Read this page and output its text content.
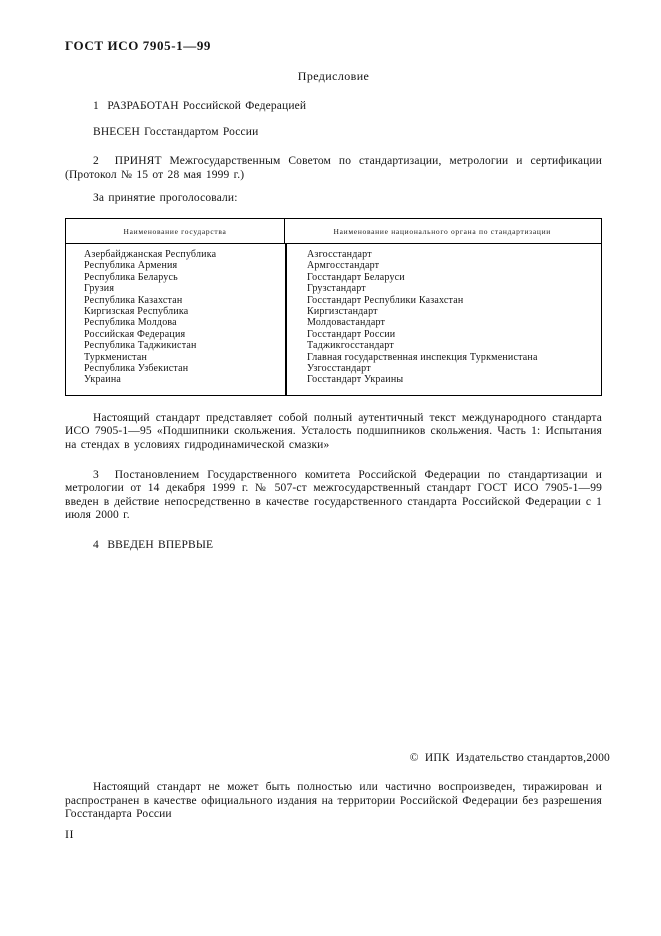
ГОСТ ИСО 7905-1—99
Предисловие
1  РАЗРАБОТАН Российской Федерацией
ВНЕСЕН Госстандартом России
2  ПРИНЯТ Межгосударственным Советом по стандартизации, метрологии и сертификации (Протокол № 15 от 28 мая 1999 г.)
За принятие проголосовали:
Наименование государства	Наименование национального органа по стандартизации
Азербайджанская Республика	Азгосстандарт
Республика Армения	Армгосстандарт
Республика Беларусь	Госстандарт Беларуси
Грузия	Грузстандарт
Республика Казахстан	Госстандарт Республики Казахстан
Киргизская Республика	Киргизстандарт
Республика Молдова	Молдовастандарт
Российская Федерация	Госстандарт России
Республика Таджикистан	Таджикгосстандарт
Туркменистан	Главная государственная инспекция Туркменистана
Республика Узбекистан	Узгосстандарт
Украина	Госстандарт Украины
Настоящий стандарт представляет собой полный аутентичный текст международного стандарта ИСО 7905-1—95 «Подшипники скольжения. Усталость подшипников скольжения. Часть 1: Испытания на стендах в условиях гидродинамической смазки»
3  Постановлением Государственного комитета Российской Федерации по стандартизации и метрологии от 14 декабря 1999 г. № 507-ст межгосударственный стандарт ГОСТ ИСО 7905-1—99 введен в действие непосредственно в качестве государственного стандарта Российской Федерации с 1 июля 2000 г.
4  ВВЕДЕН ВПЕРВЫЕ
©  ИПК  Издательство стандартов,2000
Настоящий стандарт не может быть полностью или частично воспроизведен, тиражирован и распространен в качестве официального издания на территории Российской Федерации без разрешения Госстандарта России
II
